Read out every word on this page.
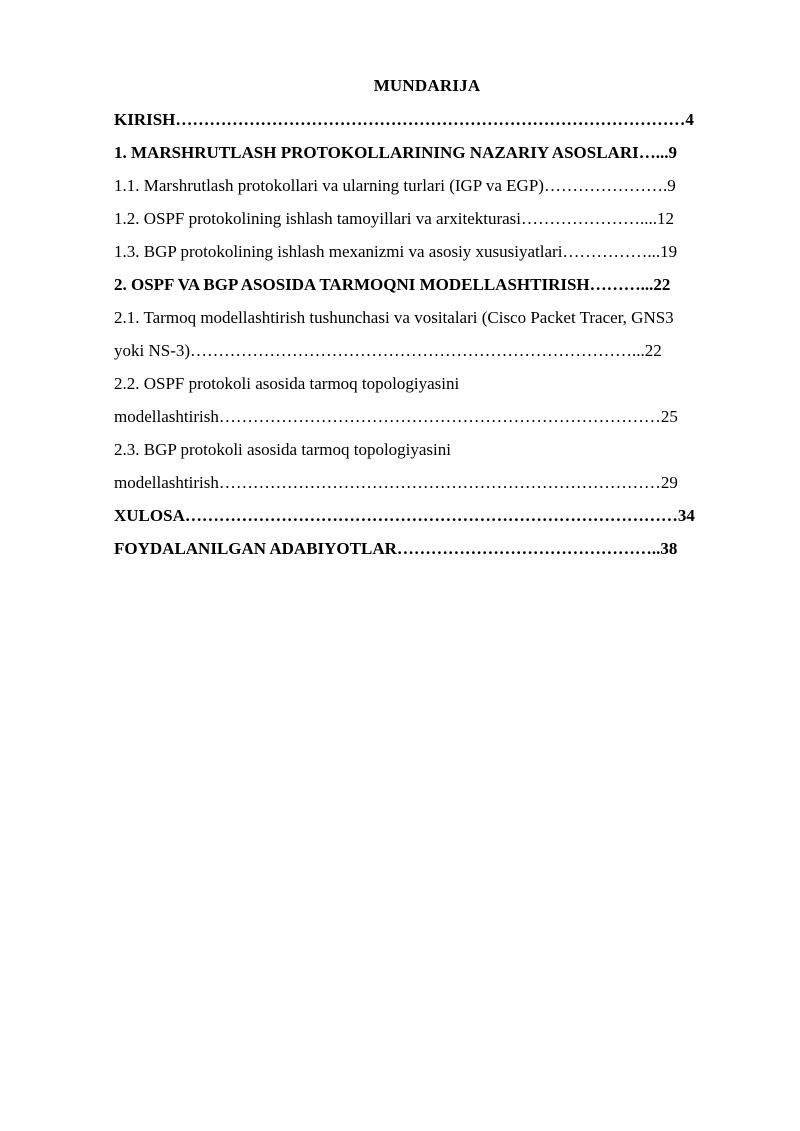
MUNDARIJA
KIRISH………………………………………………………………………………4
1. MARSHRUTLASH PROTOKOLLARINING NAZARIY ASOSLARI…...9
1.1. Marshrutlash protokollari va ularning turlari (IGP va EGP)………………….9
1.2. OSPF protokolining ishlash tamoyillari va arxitekturasi…………………....12
1.3. BGP protokolining ishlash mexanizmi va asosiy xususiyatlari……………...19
2. OSPF VA BGP ASOSIDA TARMOQNI MODELLASHTIRISH………...22
2.1. Tarmoq modellashtirish tushunchasi va vositalari (Cisco Packet Tracer, GNS3
yoki NS-3)……………………………………………………………………...22
2.2. OSPF protokoli asosida tarmoq topologiyasini
modellashtirish……………………………………………………………………25
2.3. BGP protokoli asosida tarmoq topologiyasini
modellashtirish……………………………………………………………………29
XULOSA……………………………………………………………………………34
FOYDALANILGAN ADABIYOTLAR………………………………………..38
